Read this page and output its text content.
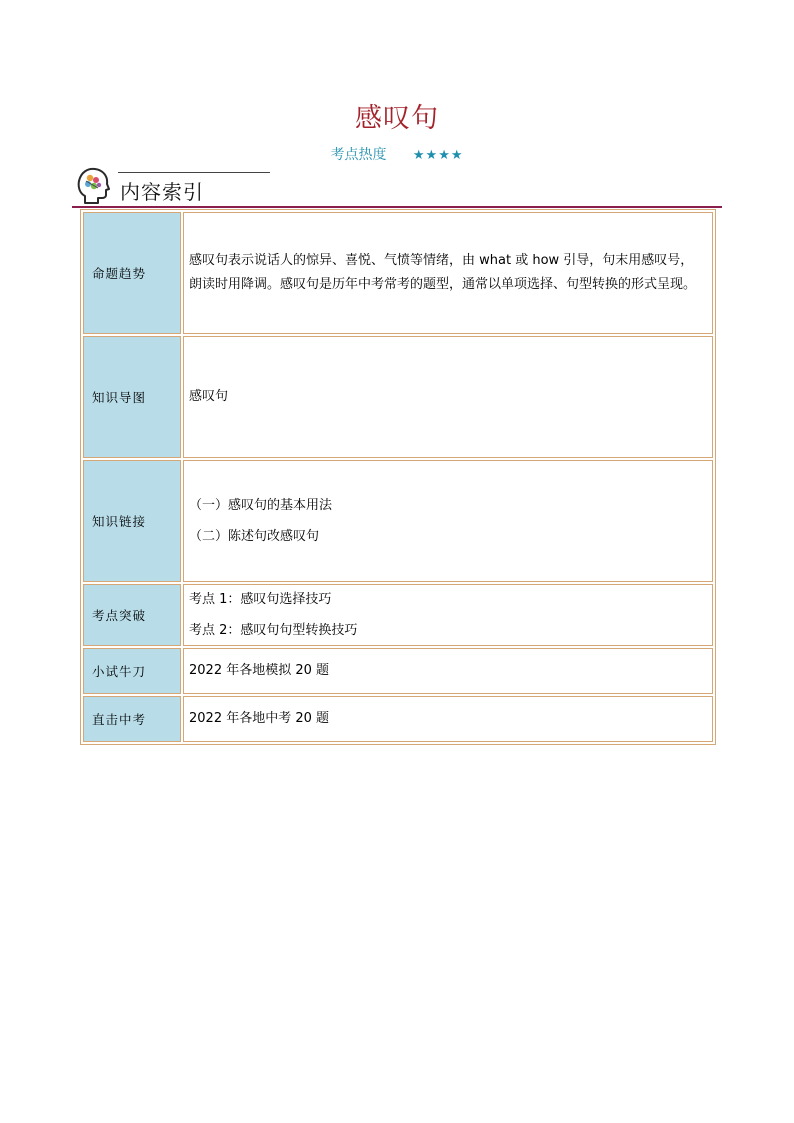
感叹句
考点热度 ★★★★
内容索引
命题趋势	感叹句表示说话人的惊异、喜悦、气愤等情绪，由 what 或 how 引导，句末用感叹号，朗读时用降调。感叹句是历年中考常考的题型，通常以单项选择、句型转换的形式呈现。

知识导图	感叹句

知识链接	（一）感叹句的基本用法

（二）陈述句改感叹句

考点突破	考点 1：感叹句选择技巧

考点 2：感叹句句型转换技巧

小试牛刀	2022 年各地模拟 20 题

直击中考	2022 年各地中考 20 题
